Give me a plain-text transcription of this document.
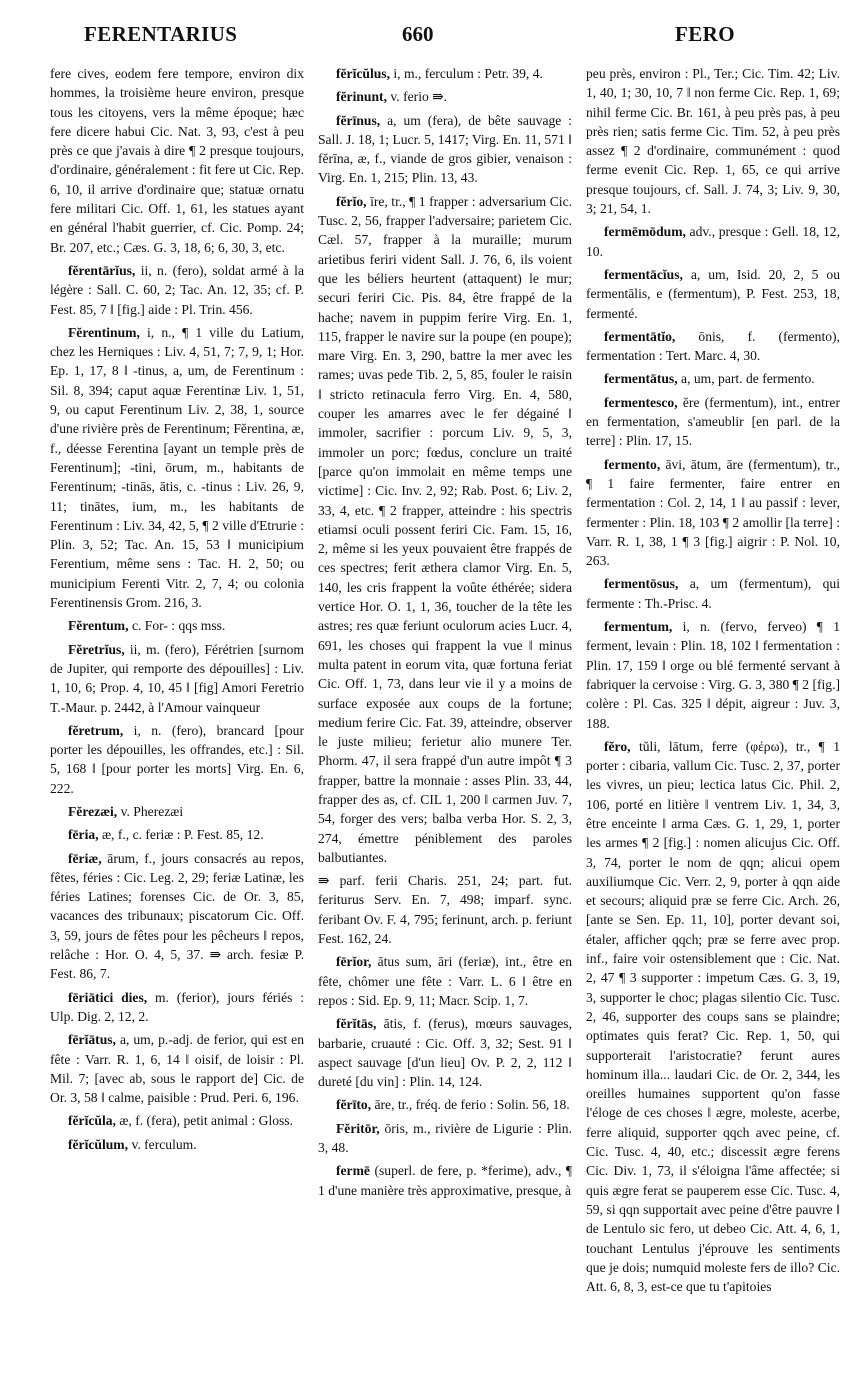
FERENTARIUS	660	FERO

fere cives, eodem fere tempore, environ dix hommes, la troisième heure environ, presque tous les citoyens, vers la même époque; hæc fere dicere habui Cic. Nat. 3, 93, c'est à peu près ce que j'avais à dire ¶ 2 presque toujours, d'ordinaire, généralement : fit fere ut Cic. Rep. 6, 10, il arrive d'ordinaire que; statuæ ornatu fere militari Cic. Off. 1, 61, les statues ayant en général l'habit guerrier, cf. Cic. Pomp. 24; Br. 207, etc.; Cæs. G. 3, 18, 6; 6, 30, 3, etc.

fĕrentārĭus, ii, n. (fero), soldat armé à la légère : Sall. C. 60, 2; Tac. An. 12, 35; cf. P. Fest. 85, 7 ‖ [fig.] aide : Pl. Trin. 456.

Fĕrentinum, i, n., ¶ 1 ville du Latium, chez les Herniques : Liv. 4, 51, 7; 7, 9, 1; Hor. Ep. 1, 17, 8 ‖ -tinus, a, um, de Ferentinum : Sil. 8, 394; caput aquæ Ferentinæ Liv. 1, 51, 9, ou caput Ferentinum Liv. 2, 38, 1, source d'une rivière près de Ferentinum; Fĕrentina, æ, f., déesse Ferentina [ayant un temple près de Ferentinum]; -tini, ōrum, m., habitants de Ferentinum; -tinās, ātis, c. -tinus : Liv. 26, 9, 11; tinātes, ium, m., les habitants de Ferentinum : Liv. 34, 42, 5, ¶ 2 ville d'Etrurie : Plin. 3, 52; Tac. An. 15, 53 ‖ municipium Ferentium, même sens : Tac. H. 2, 50; ou municipium Ferenti Vitr. 2, 7, 4; ou colonia Ferentinensis Grom. 216, 3.

Fĕrentum, c. For- : qqs mss.

Fĕretrĭus, ii, m. (fero), Férétrien [surnom de Jupiter, qui remporte des dépouilles] : Liv. 1, 10, 6; Prop. 4, 10, 45 ‖ [fig] Amori Feretrio T.-Maur. p. 2442, à l'Amour vainqueur

fĕretrum, i, n. (fero), brancard [pour porter les dépouilles, les offrandes, etc.] : Sil. 5, 168 ‖ [pour porter les morts] Virg. En. 6, 222.

Fĕrezæi, v. Pherezæi

fēria, æ, f., c. feriæ : P. Fest. 85, 12.

fēriæ, ārum, f., jours consacrés au repos, fêtes, féries : Cic. Leg. 2, 29; feriæ Latinæ, les féries Latines; forenses Cic. de Or. 3, 85, vacances des tribunaux; piscatorum Cic. Off. 3, 59, jours de fêtes pour les pêcheurs ‖ repos, relâche : Hor. O. 4, 5, 37. ⇛ arch. fesiæ P. Fest. 86, 7.

fēriātici dies, m. (ferior), jours fériés : Ulp. Dig. 2, 12, 2.

fērĭātus, a, um, p.-adj. de ferior, qui est en fête : Varr. R. 1, 6, 14 ‖ oisif, de loisir : Pl. Mil. 7; [avec ab, sous le rapport de] Cic. de Or. 3, 58 ‖ calme, paisible : Prud. Peri. 6, 196.

fĕrĭcŭla, æ, f. (fera), petit animal : Gloss.

fĕrĭcŭlum, v. ferculum.

fĕrĭcŭlus, i, m., ferculum : Petr. 39, 4.

fĕrinunt, v. ferio ⇛.

fĕrīnus, a, um (fera), de bête sauvage : Sall. J. 18, 1; Lucr. 5, 1417; Virg. En. 11, 571 ‖ fĕrīna, æ, f., viande de gros gibier, venaison : Virg. En. 1, 215; Plin. 13, 43.

fĕrĭo, īre, tr., ¶ 1 frapper : adversarium Cic. Tusc. 2, 56, frapper l'adversaire; parietem Cic. Cæl. 57, frapper à la muraille; murum arietibus feriri vident Sall. J. 76, 6, ils voient que les béliers heurtent (attaquent) le mur; securi feriri Cic. Pis. 84, être frappé de la hache; navem in puppim ferire Virg. En. 1, 115, frapper le navire sur la poupe (en poupe); mare Virg. En. 3, 290, battre la mer avec les rames; uvas pede Tib. 2, 5, 85, fouler le raisin ‖ stricto retinacula ferro Virg. En. 4, 580, couper les amarres avec le fer dégainé ‖ immoler, sacrifier : porcum Liv. 9, 5, 3, immoler un porc; fœdus, conclure un traité [parce qu'on immolait en même temps une victime] : Cic. Inv. 2, 92; Rab. Post. 6; Liv. 2, 33, 4, etc. ¶ 2 frapper, atteindre : his spectris etiamsi oculi possent feriri Cic. Fam. 15, 16, 2, même si les yeux pouvaient être frappés de ces spectres; ferit æthera clamor Virg. En. 5, 140, les cris frappent la voûte éthérée; sidera vertice Hor. O. 1, 1, 36, toucher de la tête les astres; res quæ feriunt oculorum acies Lucr. 4, 691, les choses qui frappent la vue ‖ minus multa patent in eorum vita, quæ fortuna feriat Cic. Off. 1, 73, dans leur vie il y a moins de surface exposée aux coups de la fortune; medium ferire Cic. Fat. 39, atteindre, observer le juste milieu; ferietur alio munere Ter. Phorm. 47, il sera frappé d'un autre impôt ¶ 3 frapper, battre la monnaie : asses Plin. 33, 44, frapper des as, cf. CIL 1, 200 ‖ carmen Juv. 7, 54, forger des vers; balba verba Hor. S. 2, 3, 274, émettre péniblement des paroles balbutiantes.

⇛ parf. ferii Charis. 251, 24; part. fut. feriturus Serv. En. 7, 498; imparf. sync. feribant Ov. F. 4, 795; ferinunt, arch. p. feriunt Fest. 162, 24.

fērĭor, ātus sum, āri (feriæ), int., être en fête, chômer une fête : Varr. L. 6 ‖ être en repos : Sid. Ep. 9, 11; Macr. Scip. 1, 7.

fĕrĭtās, ātis, f. (ferus), mœurs sauvages, barbarie, cruauté : Cic. Off. 3, 32; Sest. 91 ‖ aspect sauvage [d'un lieu] Ov. P. 2, 2, 112 ‖ dureté [du vin] : Plin. 14, 124.

fĕrīto, āre, tr., fréq. de ferio : Solin. 56, 18.

Fĕritōr, ōris, m., rivière de Ligurie : Plin. 3, 48.

fermē (superl. de fere, p. *ferime), adv., ¶ 1 d'une manière très approximative, presque, à

peu près, environ : Pl., Ter.; Cic. Tim. 42; Liv. 1, 40, 1; 30, 10, 7 ‖ non ferme Cic. Rep. 1, 69; nihil ferme Cic. Br. 161, à peu près pas, à peu près rien; satis ferme Cic. Tim. 52, à peu près assez ¶ 2 d'ordinaire, communément : quod ferme evenit Cic. Rep. 1, 65, ce qui arrive presque toujours, cf. Sall. J. 74, 3; Liv. 9, 30, 3; 21, 54, 1.

fermēmōdum, adv., presque : Gell. 18, 12, 10.

fermentācĭus, a, um, Isid. 20, 2, 5 ou fermentālis, e (fermentum), P. Fest. 253, 18, fermenté.

fermentātĭo, ōnis, f. (fermento), fermentation : Tert. Marc. 4, 30.

fermentātus, a, um, part. de fermento.

fermentesco, ĕre (fermentum), int., entrer en fermentation, s'ameublir [en parl. de la terre] : Plin. 17, 15.

fermento, āvi, ātum, āre (fermentum), tr., ¶ 1 faire fermenter, faire entrer en fermentation : Col. 2, 14, 1 ‖ au passif : lever, fermenter : Plin. 18, 103 ¶ 2 amollir [la terre] : Varr. R. 1, 38, 1 ¶ 3 [fig.] aigrir : P. Nol. 10, 263.

fermentōsus, a, um (fermentum), qui fermente : Th.-Prisc. 4.

fermentum, i, n. (fervo, ferveo) ¶ 1 ferment, levain : Plin. 18, 102 ‖ fermentation : Plin. 17, 159 ‖ orge ou blé fermenté servant à fabriquer la cervoise : Virg. G. 3, 380 ¶ 2 [fig.] colère : Pl. Cas. 325 ‖ dépit, aigreur : Juv. 3, 188.

fĕro, tŭli, lātum, ferre (φέρω), tr., ¶ 1 porter : cibaria, vallum Cic. Tusc. 2, 37, porter les vivres, un pieu; lectica latus Cic. Phil. 2, 106, porté en litière ‖ ventrem Liv. 1, 34, 3, être enceinte ‖ arma Cæs. G. 1, 29, 1, porter les armes ¶ 2 [fig.] : nomen alicujus Cic. Off. 3, 74, porter le nom de qqn; alicui opem auxiliumque Cic. Verr. 2, 9, porter à qqn aide et secours; aliquid præ se ferre Cic. Arch. 26, [ante se Sen. Ep. 11, 10], porter devant soi, étaler, afficher qqch; præ se ferre avec prop. inf., faire voir ostensiblement que : Cic. Nat. 2, 47 ¶ 3 supporter : impetum Cæs. G. 3, 19, 3, supporter le choc; plagas silentio Cic. Tusc. 2, 46, supporter des coups sans se plaindre; optimates quis ferat? Cic. Rep. 1, 50, qui supporterait l'aristocratie? ferunt aures hominum illa... laudari Cic. de Or. 2, 344, les oreilles humaines supportent qu'on fasse l'éloge de ces choses ‖ ægre, moleste, acerbe, ferre aliquid, supporter qqch avec peine, cf. Cic. Tusc. 4, 40, etc.; discessit ægre ferens Cic. Div. 1, 73, il s'éloigna l'âme affectée; si quis ægre ferat se pauperem esse Cic. Tusc. 4, 59, si qqn supportait avec peine d'être pauvre ‖ de Lentulo sic fero, ut debeo Cic. Att. 4, 6, 1, touchant Lentulus j'éprouve les sentiments que je dois; numquid moleste fers de illo? Cic. Att. 6, 8, 3, est-ce que tu t'apitoies
